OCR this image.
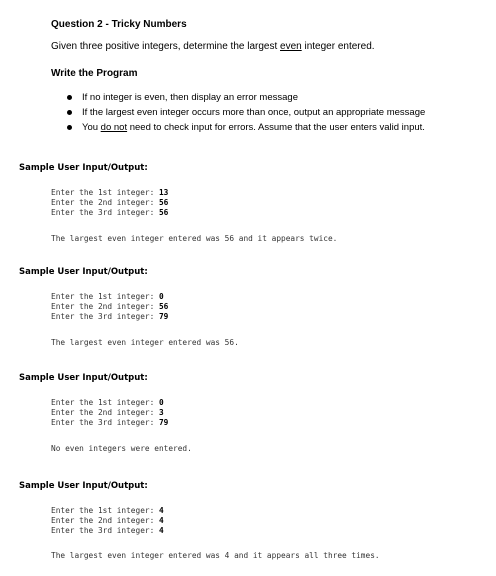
Question 2 - Tricky Numbers
Given three positive integers, determine the largest even integer entered.
Write the Program
If no integer is even, then display an error message
If the largest even integer occurs more than once, output an appropriate message
You do not need to check input for errors. Assume that the user enters valid input.
Sample User Input/Output:
Enter the 1st integer: 13
Enter the 2nd integer: 56
Enter the 3rd integer: 56
The largest even integer entered was 56 and it appears twice.
Sample User Input/Output:
Enter the 1st integer: 0
Enter the 2nd integer: 56
Enter the 3rd integer: 79
The largest even integer entered was 56.
Sample User Input/Output:
Enter the 1st integer: 0
Enter the 2nd integer: 3
Enter the 3rd integer: 79
No even integers were entered.
Sample User Input/Output:
Enter the 1st integer: 4
Enter the 2nd integer: 4
Enter the 3rd integer: 4
The largest even integer entered was 4 and it appears all three times.
